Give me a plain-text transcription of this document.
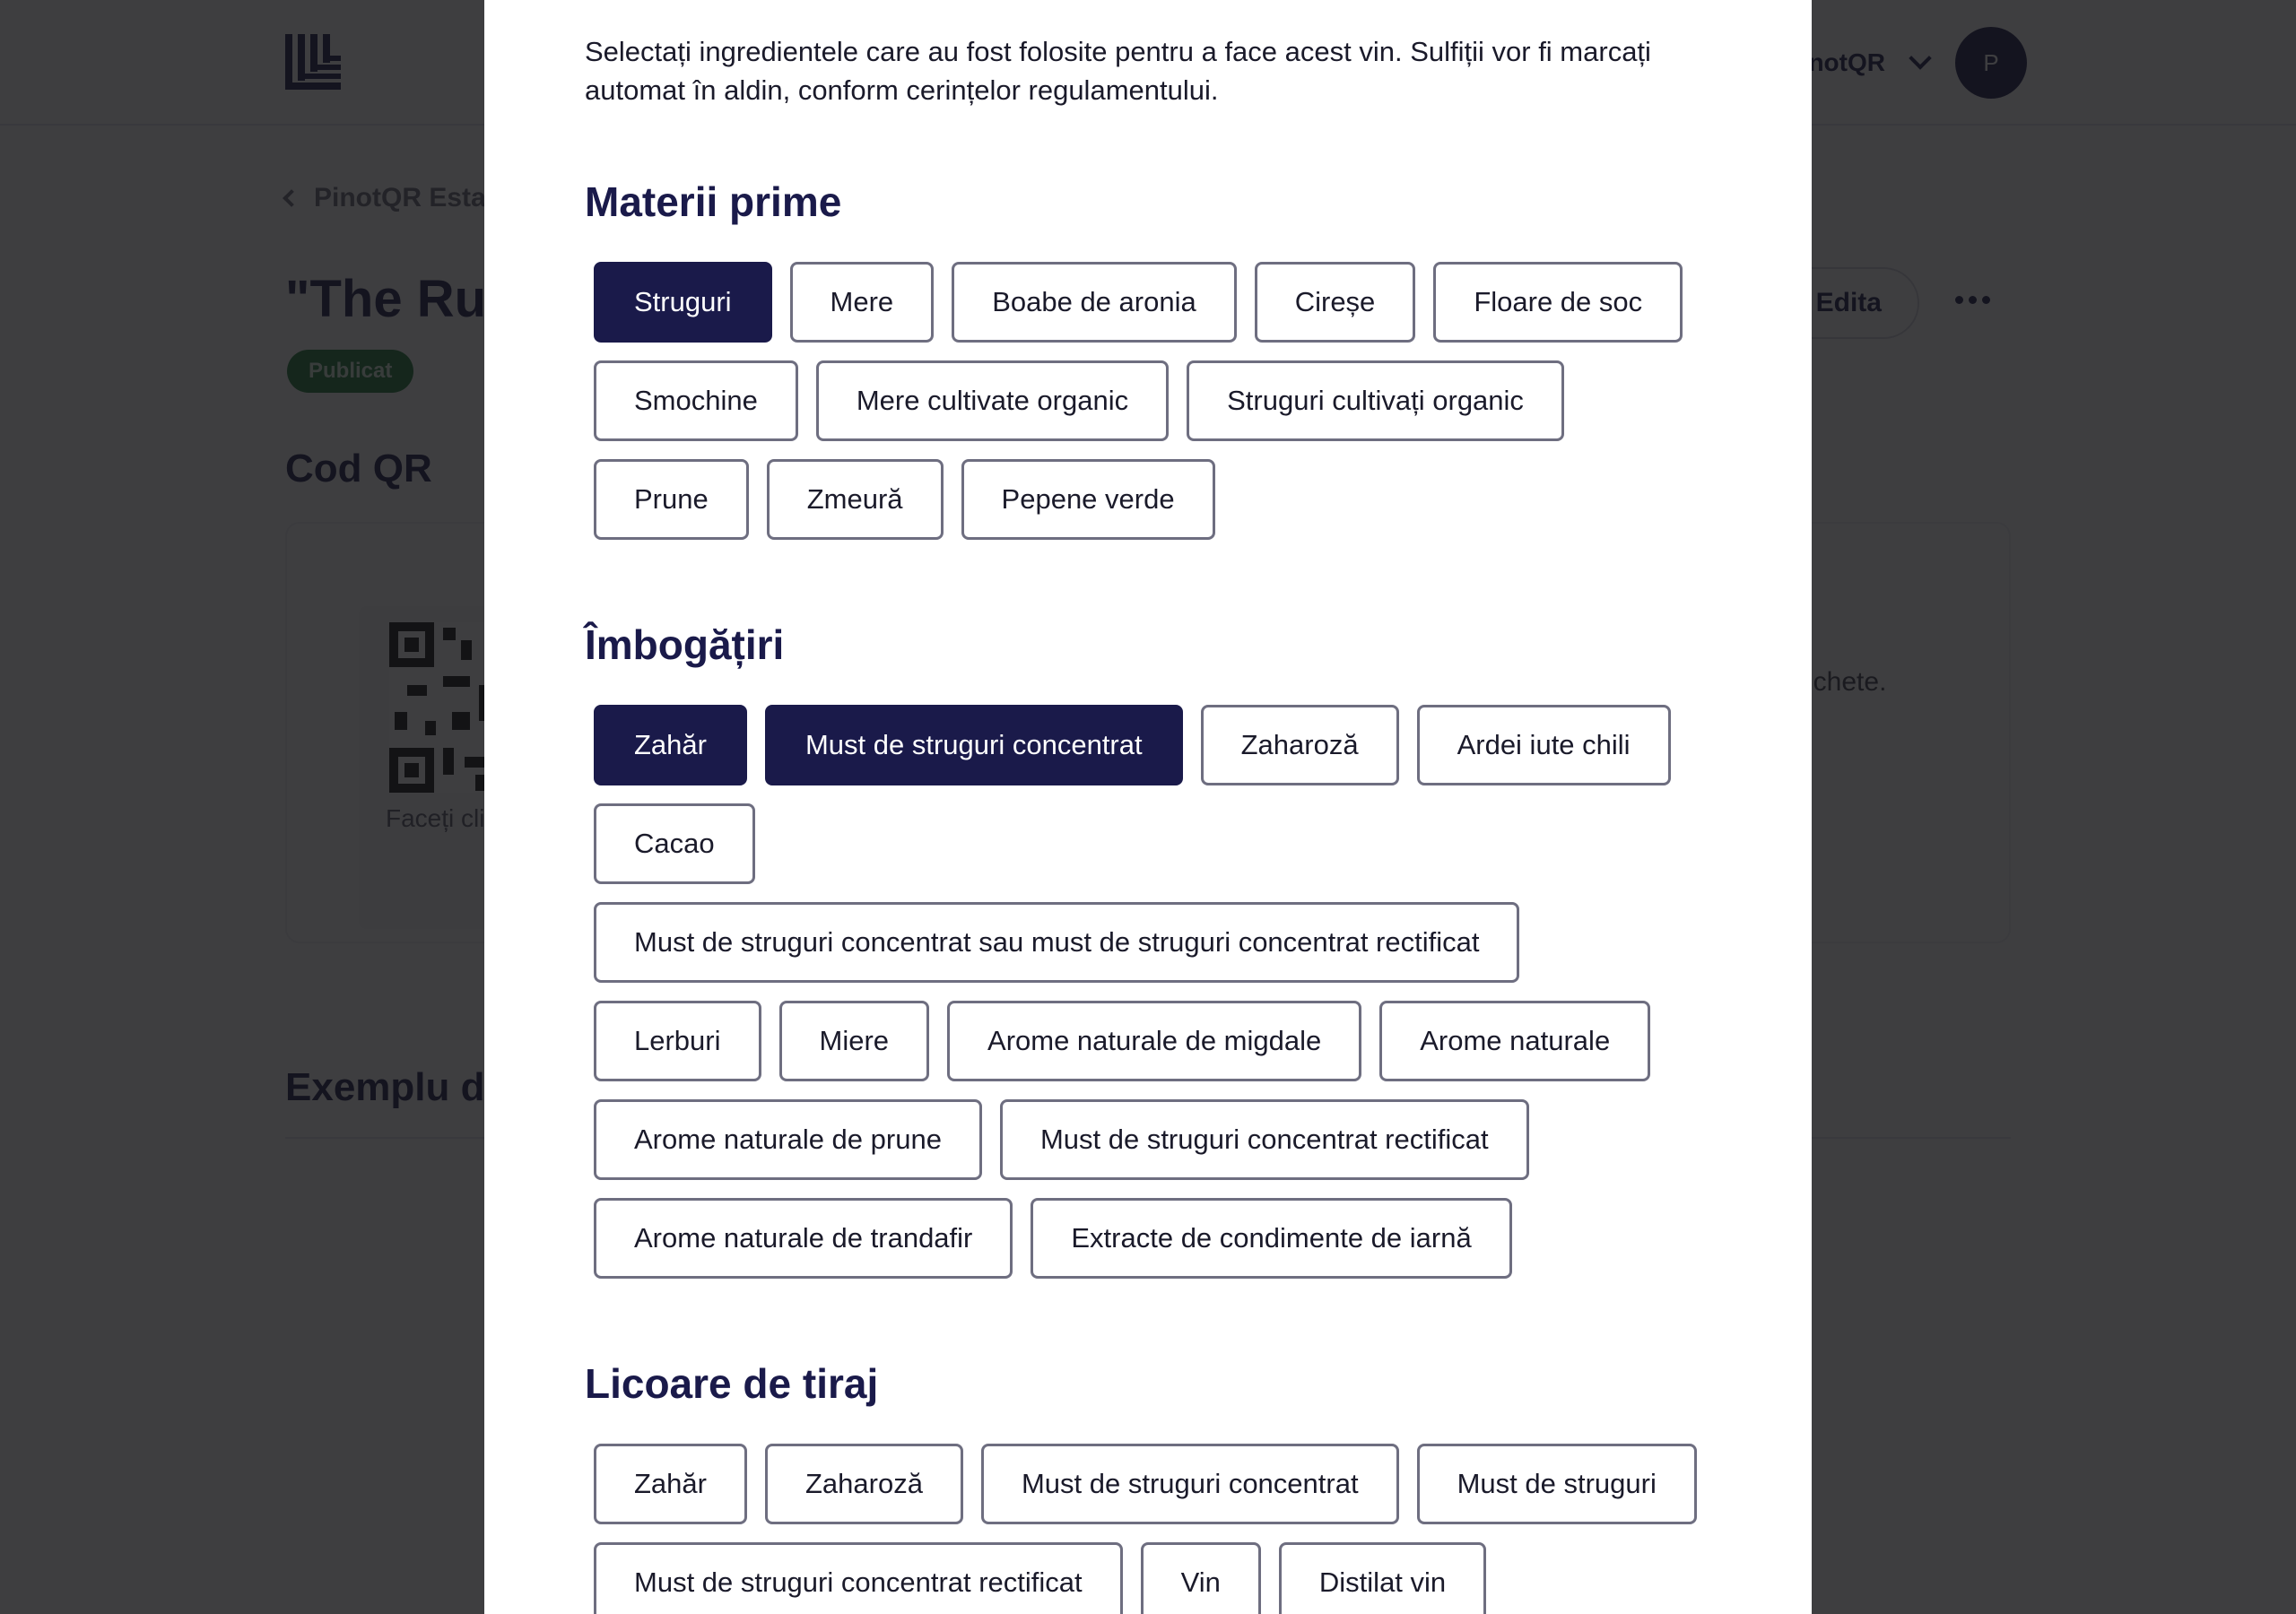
Selectați ingredientele care au fost folosite pentru a face acest vin. Sulfiții vor fi marcați automat în aldin, conform cerințelor regulamentului.

Materii prime
Struguri	Mere	Boabe de aronia	Cireșe	Floare de soc
Smochine	Mere cultivate organic	Struguri cultivați organic
Prune	Zmeură	Pepene verde
Îmbogățiri
Zahăr	Must de struguri concentrat	Zaharoză	Ardei iute chili
Cacao
Must de struguri concentrat sau must de struguri concentrat rectificat
Lerburi	Miere	Arome naturale de migdale	Arome naturale
Arome naturale de prune	Must de struguri concentrat rectificat
Arome naturale de trandafir	Extracte de condimente de iarnă
Licoare de tiraj
Zahăr	Zaharoză	Must de struguri concentrat	Must de struguri
Must de struguri concentrat rectificat	Vin	Distilat vin
